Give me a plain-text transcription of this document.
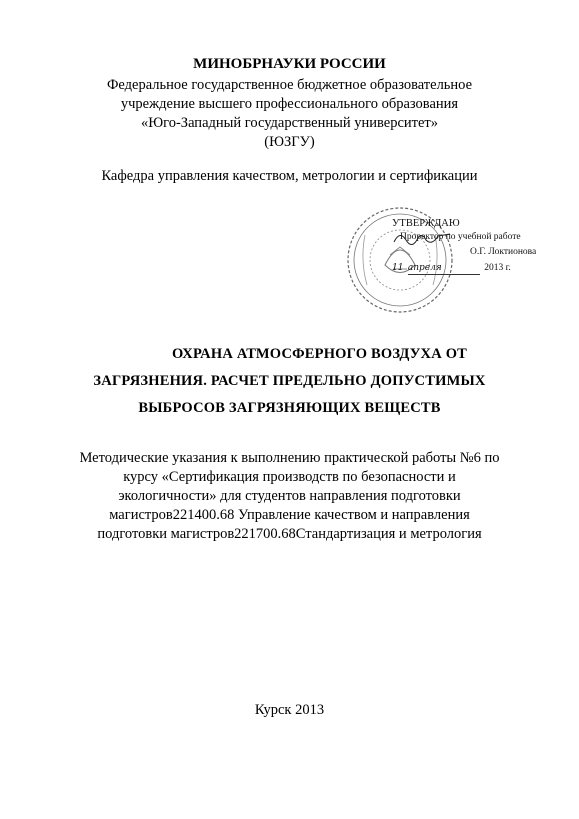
МИНОБРНАУКИ РОССИИ
Федеральное государственное бюджетное образовательное
учреждение высшего профессионального образования
«Юго-Западный государственный университет»
(ЮЗГУ)
Кафедра управления качеством, метрологии и сертификации
УТВЕРЖДАЮ
Проректор по учебной работе
О.Г. Локтионова
11 апреля	2013 г.
ОХРАНА АТМОСФЕРНОГО ВОЗДУХА ОТ
ЗАГРЯЗНЕНИЯ. РАСЧЕТ ПРЕДЕЛЬНО ДОПУСТИМЫХ
ВЫБРОСОВ ЗАГРЯЗНЯЮЩИХ ВЕЩЕСТВ
Методические указания к выполнению практической работы №6 по
курсу «Сертификация производств по безопасности и
экологичности» для студентов направления подготовки
магистров221400.68 Управление качеством и направления
подготовки магистров221700.68Стандартизация и метрология
Курск 2013
